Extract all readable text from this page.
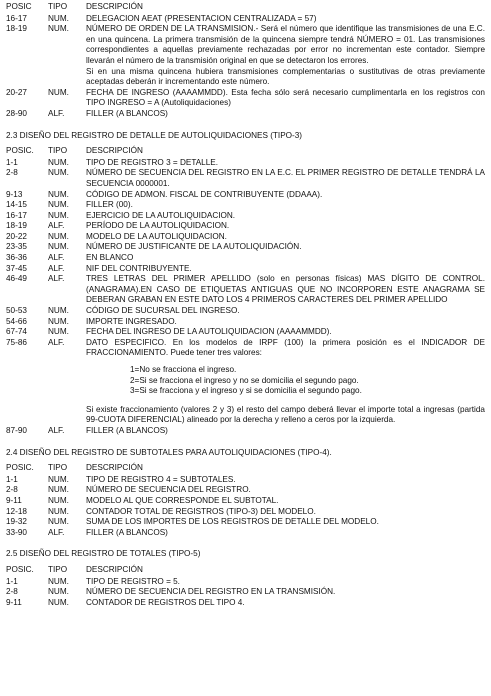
POSIC	TIPO	DESCRIPCIÓN
16-17	NUM.	DELEGACION AEAT (PRESENTACION CENTRALIZADA = 57)
18-19	NUM.	NÚMERO DE ORDEN DE LA TRANSMISION.- Será el número que identifique las transmisiones de una E.C. en una quincena. La primera transmisión de la quincena siempre tendrá NÚMERO = 01. Las transmisiones correspondientes a aquellas previamente rechazadas por error no incrementan este contador. Siempre llevarán el número de la transmisión original en que se detectaron los errores.

Si en una misma quincena hubiera transmisiones complementarias o sustitutivas de otras previamente aceptadas deberán ir incrementando este número.

20-27	NUM.	FECHA DE INGRESO (AAAAMMDD). Esta fecha sólo será necesario cumplimentarla en los registros con TIPO INGRESO = A (Autoliquidaciones)
28-90	ALF.	FILLER (A BLANCOS)
2.3 DISEÑO DEL REGISTRO DE DETALLE DE AUTOLIQUIDACIONES (TIPO-3)
POSIC.	TIPO	DESCRIPCIÓN
1-1	NUM.	TIPO DE REGISTRO 3 = DETALLE.
2-8	NUM.	NÚMERO DE SECUENCIA DEL REGISTRO EN LA E.C. EL PRIMER REGISTRO DE DETALLE TENDRÁ LA SECUENCIA 0000001.
9-13	NUM.	CÓDIGO DE ADMON. FISCAL DE CONTRIBUYENTE (DDAAA).
14-15	NUM.	FILLER (00).
16-17	NUM.	EJERCICIO DE LA AUTOLIQUIDACION.
18-19	ALF.	PERÍODO DE LA AUTOLIQUIDACION.
20-22	NUM.	MODELO DE LA AUTOLIQUIDACION.
23-35	NUM.	NÚMERO DE JUSTIFICANTE DE LA AUTOLIQUIDACIÓN.
36-36	ALF.	EN BLANCO
37-45	ALF.	NIF DEL CONTRIBUYENTE.
46-49	ALF.	TRES LETRAS DEL PRIMER APELLIDO (solo en personas físicas) MAS DÍGITO DE CONTROL.(ANAGRAMA).EN CASO DE ETIQUETAS ANTIGUAS QUE NO INCORPOREN ESTE ANAGRAMA SE DEBERAN GRABAN EN ESTE DATO LOS 4 PRIMEROS CARACTERES DEL PRIMER APELLIDO
50-53	NUM.	CÓDIGO DE SUCURSAL DEL INGRESO.
54-66	NUM.	IMPORTE INGRESADO.
67-74	NUM.	FECHA DEL INGRESO DE LA AUTOLIQUIDACION (AAAAMMDD).
75-86	ALF.	DATO ESPECIFICO. En los modelos de IRPF (100) la primera posición es el INDICADOR DE FRACCIONAMIENTO. Puede tener tres valores:

1=No se fracciona el ingreso.
2=Si se fracciona el ingreso y no se domicilia el segundo pago.
3=Si se fracciona y el ingreso y si se domicilia el segundo pago.

Si existe fraccionamiento (valores 2 y 3) el resto del campo deberá llevar el importe total a ingresas (partida 99-CUOTA DIFERENCIAL) alineado por la derecha y relleno a ceros por la izquierda.

87-90	ALF.	FILLER (A BLANCOS)
2.4 DISEÑO DEL REGISTRO DE SUBTOTALES PARA AUTOLIQUIDACIONES (TIPO-4).
POSIC.	TIPO	DESCRIPCIÓN
1-1	NUM.	TIPO DE REGISTRO 4 = SUBTOTALES.
2-8	NUM.	NÚMERO DE SECUENCIA DEL REGISTRO.
9-11	NUM.	MODELO AL QUE CORRESPONDE EL SUBTOTAL.
12-18	NUM.	CONTADOR TOTAL DE REGISTROS (TIPO-3) DEL MODELO.
19-32	NUM.	SUMA DE LOS IMPORTES DE LOS REGISTROS DE DETALLE DEL MODELO.
33-90	ALF.	FILLER (A BLANCOS)
2.5 DISEÑO DEL REGISTRO DE TOTALES (TIPO-5)
POSIC.	TIPO	DESCRIPCIÓN
1-1	NUM.	TIPO DE REGISTRO = 5.
2-8	NUM.	NÚMERO DE SECUENCIA DEL REGISTRO EN LA TRANSMISIÓN.
9-11	NUM.	CONTADOR DE REGISTROS DEL TIPO 4.
